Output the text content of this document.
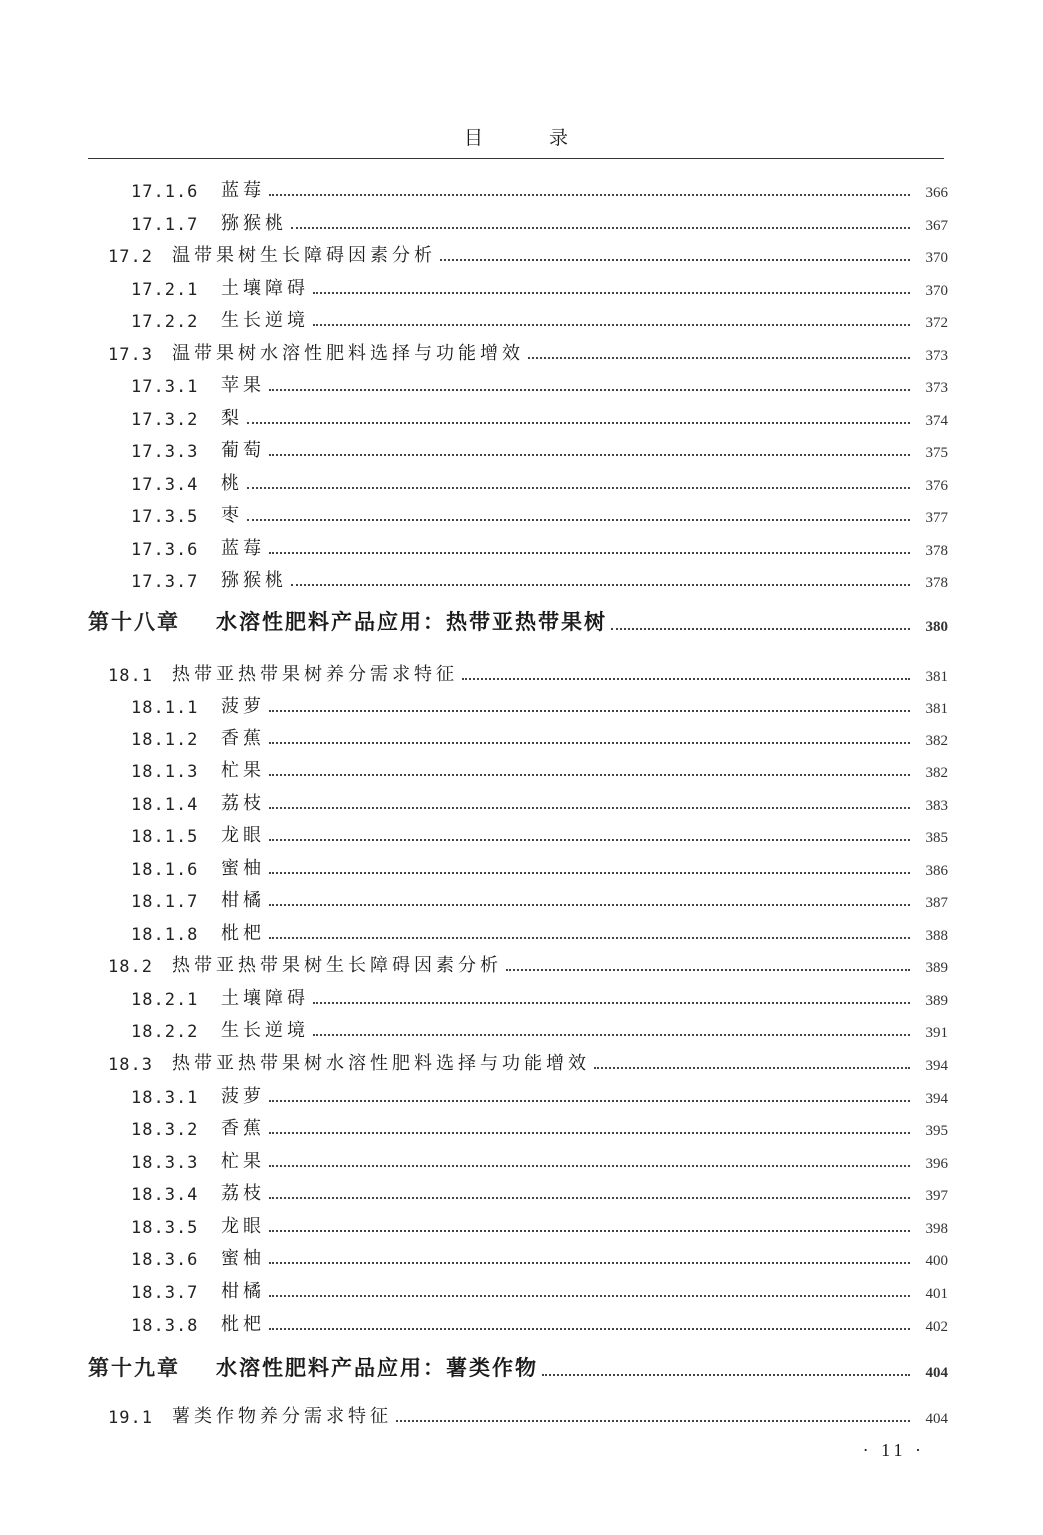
目 录
17.1.6	蓝莓	366
17.1.7	猕猴桃	367
17.2	温带果树生长障碍因素分析	370
17.2.1	土壤障碍	370
17.2.2	生长逆境	372
17.3	温带果树水溶性肥料选择与功能增效	373
17.3.1	苹果	373
17.3.2	梨	374
17.3.3	葡萄	375
17.3.4	桃	376
17.3.5	枣	377
17.3.6	蓝莓	378
17.3.7	猕猴桃	378
第十八章	水溶性肥料产品应用：热带亚热带果树	380
18.1	热带亚热带果树养分需求特征	381
18.1.1	菠萝	381
18.1.2	香蕉	382
18.1.3	杧果	382
18.1.4	荔枝	383
18.1.5	龙眼	385
18.1.6	蜜柚	386
18.1.7	柑橘	387
18.1.8	枇杷	388
18.2	热带亚热带果树生长障碍因素分析	389
18.2.1	土壤障碍	389
18.2.2	生长逆境	391
18.3	热带亚热带果树水溶性肥料选择与功能增效	394
18.3.1	菠萝	394
18.3.2	香蕉	395
18.3.3	杧果	396
18.3.4	荔枝	397
18.3.5	龙眼	398
18.3.6	蜜柚	400
18.3.7	柑橘	401
18.3.8	枇杷	402
第十九章	水溶性肥料产品应用：薯类作物	404
19.1	薯类作物养分需求特征	404
· 11 ·
